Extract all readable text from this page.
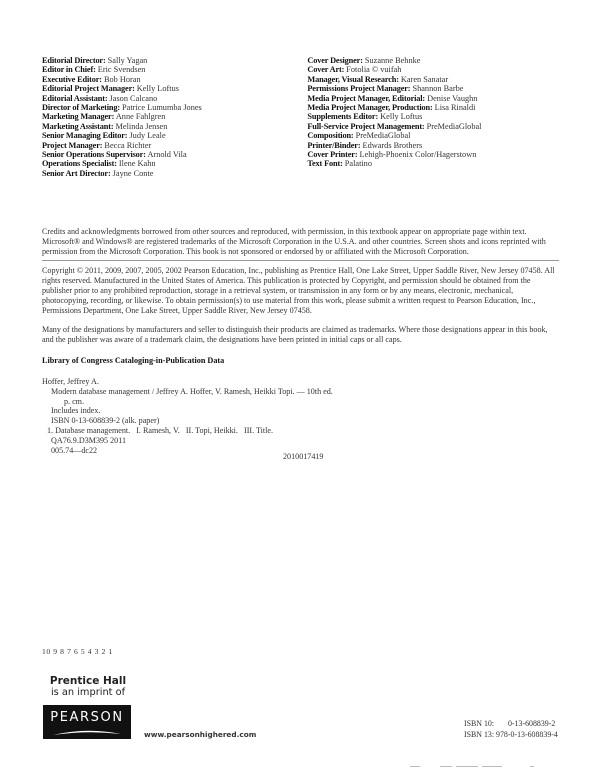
Editorial Director: Sally Yagan
Editor in Chief: Eric Svendsen
Executive Editor: Bob Horan
Editorial Project Manager: Kelly Loftus
Editorial Assistant: Jason Calcano
Director of Marketing: Patrice Lumumba Jones
Marketing Manager: Anne Fahlgren
Marketing Assistant: Melinda Jensen
Senior Managing Editor: Judy Leale
Project Manager: Becca Richter
Senior Operations Supervisor: Arnold Vila
Operations Specialist: Ilene Kahn
Senior Art Director: Jayne Conte
Cover Designer: Suzanne Behnke
Cover Art: Fotolia © vuifah
Manager, Visual Research: Karen Sanatar
Permissions Project Manager: Shannon Barbe
Media Project Manager, Editorial: Denise Vaughn
Media Project Manager, Production: Lisa Rinaldi
Supplements Editor: Kelly Loftus
Full-Service Project Management: PreMediaGlobal
Composition: PreMediaGlobal
Printer/Binder: Edwards Brothers
Cover Printer: Lehigh-Phoenix Color/Hagerstown
Text Font: Palatino
Credits and acknowledgments borrowed from other sources and reproduced, with permission, in this textbook appear on appropriate page within text.
Microsoft® and Windows® are registered trademarks of the Microsoft Corporation in the U.S.A. and other countries. Screen shots and icons reprinted with permission from the Microsoft Corporation. This book is not sponsored or endorsed by or affiliated with the Microsoft Corporation.
Copyright © 2011, 2009, 2007, 2005, 2002 Pearson Education, Inc., publishing as Prentice Hall, One Lake Street, Upper Saddle River, New Jersey 07458. All rights reserved. Manufactured in the United States of America. This publication is protected by Copyright, and permission should be obtained from the publisher prior to any prohibited reproduction, storage in a retrieval system, or transmission in any form or by any means, electronic, mechanical, photocopying, recording, or likewise. To obtain permission(s) to use material from this work, please submit a written request to Pearson Education, Inc., Permissions Department, One Lake Street, Upper Saddle River, New Jersey 07458.
Many of the designations by manufacturers and seller to distinguish their products are claimed as trademarks. Where those designations appear in this book, and the publisher was aware of a trademark claim, the designations have been printed in initial caps or all caps.
Library of Congress Cataloging-in-Publication Data
Hoffer, Jeffrey A.
Modern database management / Jeffrey A. Hoffer, V. Ramesh, Heikki Topi. — 10th ed.
p. cm.
Includes index.
ISBN 0-13-608839-2 (alk. paper)
1. Database management.   I. Ramesh, V.   II. Topi, Heikki.   III. Title.
QA76.9.D3M395 2011
005.74—dc22
2010017419
10 9 8 7 6 5 4 3 2 1
Prentice Hall
is an imprint of
PEARSON
www.pearsonhighered.com
ISBN 10: 0-13-608839-2
ISBN 13: 978-0-13-608839-4
